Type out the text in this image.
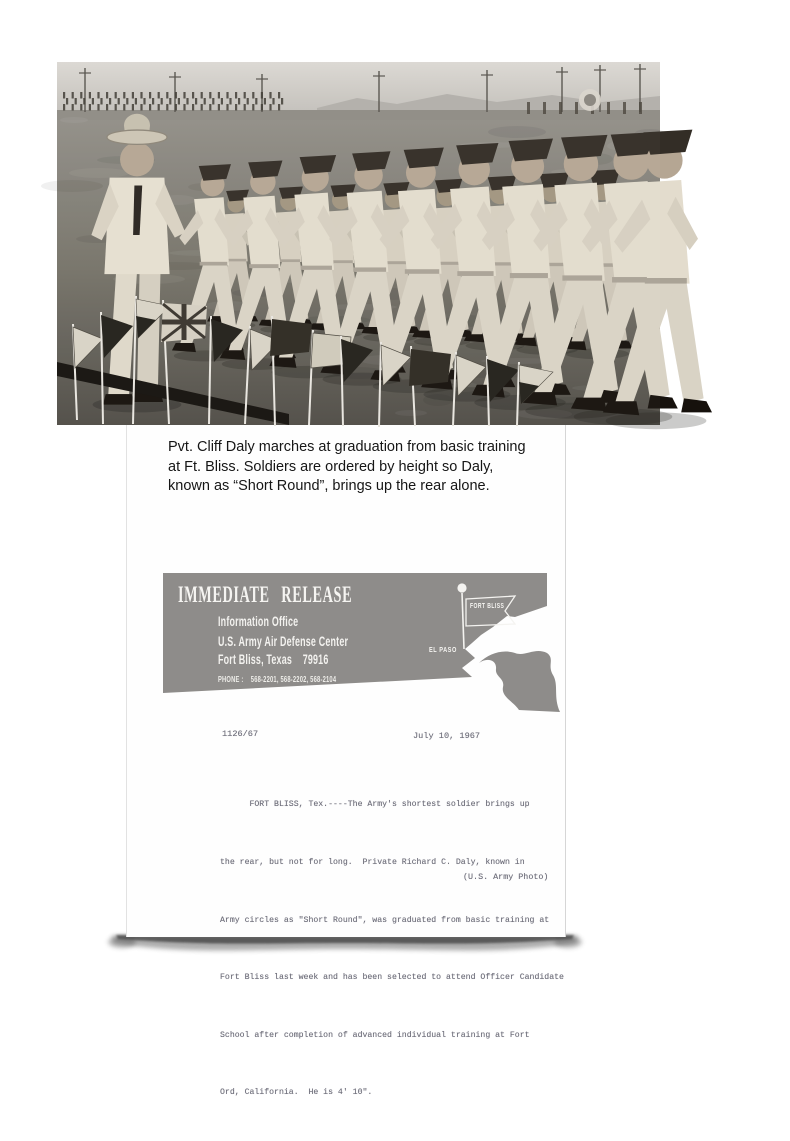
Pvt. Cliff Daly marches at graduation from basic training
at Ft. Bliss. Soldiers are ordered by height so Daly,
known as “Short Round”, brings up the rear alone.
IMMEDIATE RELEASE
Information Office
U.S. Army Air Defense Center
Fort Bliss, Texas    79916
PHONE :    568-2201, 568-2202, 568-2104
FORT BLISS
EL PASO
1126/67	July 10, 1967

FORT BLISS, Tex.----The Army's shortest soldier brings up

the rear, but not for long.  Private Richard C. Daly, known in

Army circles as "Short Round", was graduated from basic training at

Fort Bliss last week and has been selected to attend Officer Candidate

School after completion of advanced individual training at Fort

Ord, California.  He is 4' 10".

(U.S. Army Photo)
